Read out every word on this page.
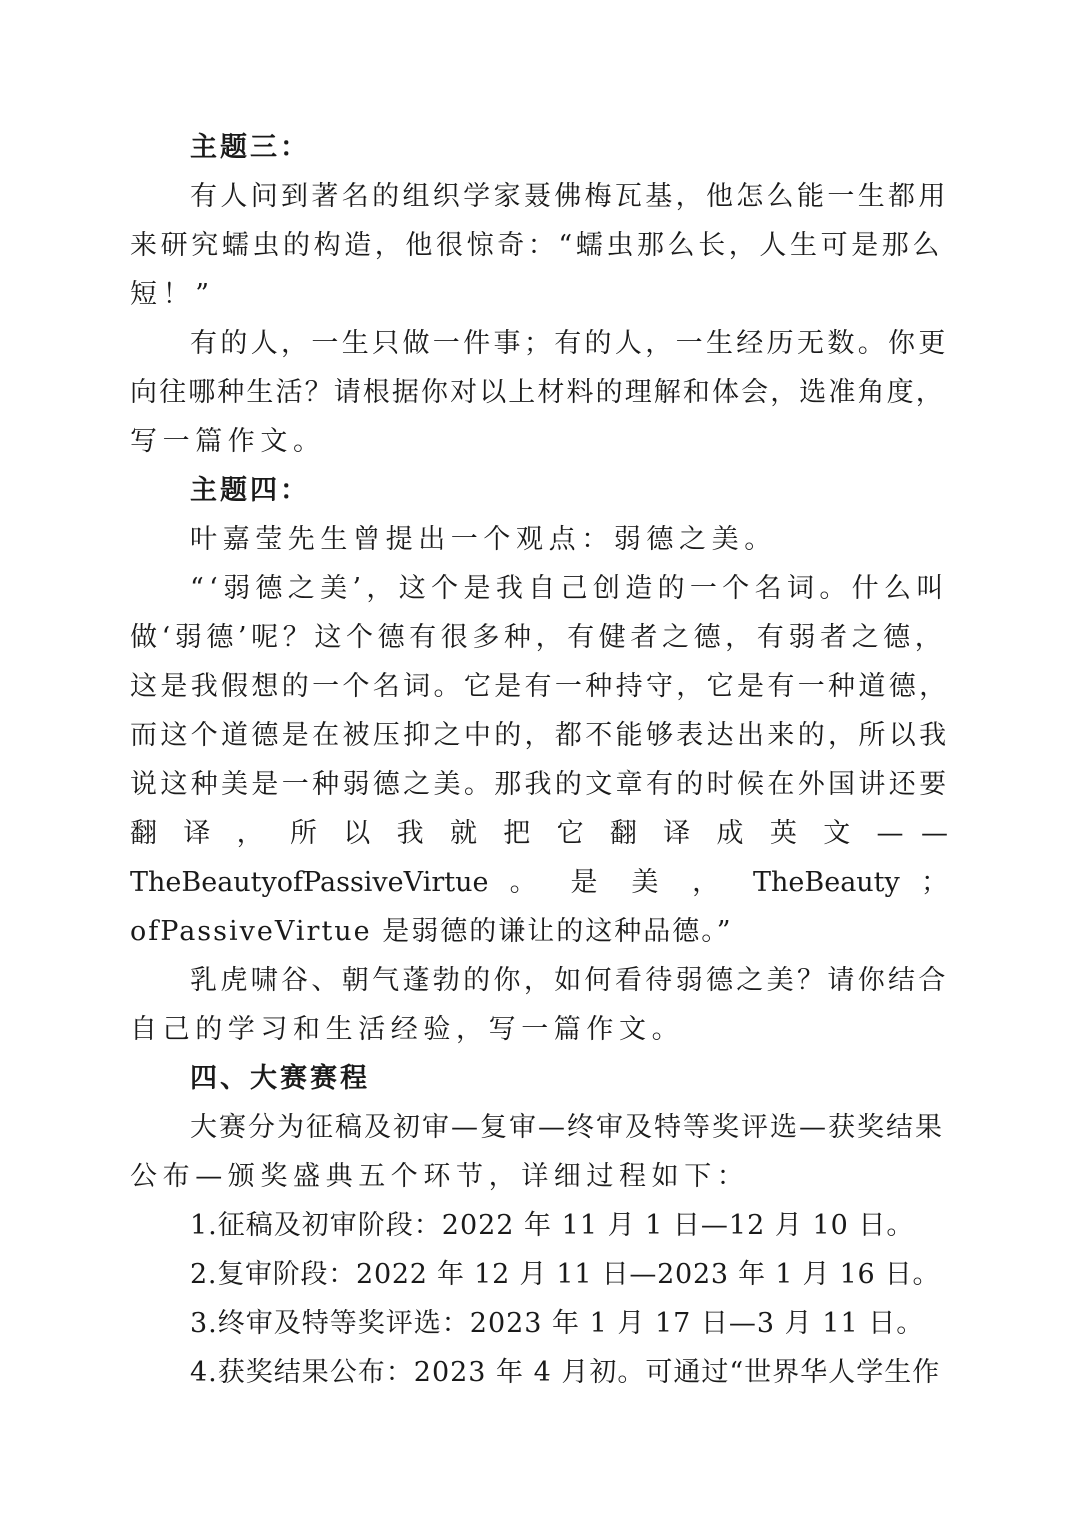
主题三：
有人问到著名的组织学家聂佛梅瓦基，他怎么能一生都用
来研究蠕虫的构造，他很惊奇：“蠕虫那么长，人生可是那么
短！”
有的人，一生只做一件事；有的人，一生经历无数。你更
向往哪种生活？请根据你对以上材料的理解和体会，选准角度，
写一篇作文。
主题四：
叶嘉莹先生曾提出一个观点：弱德之美。
“‘弱德之美’，这个是我自己创造的一个名词。什么叫
做‘弱德’呢？这个德有很多种，有健者之德，有弱者之德，
这是我假想的一个名词。它是有一种持守，它是有一种道德，
而这个道德是在被压抑之中的，都不能够表达出来的，所以我
说这种美是一种弱德之美。那我的文章有的时候在外国讲还要
翻 译 ， 所 以 我 就 把 它 翻 译 成 英 文 — —
TheBeautyofPassiveVirtue 。 是 美 ， TheBeauty ；
ofPassiveVirtue 是弱德的谦让的这种品德。”
乳虎啸谷、朝气蓬勃的你，如何看待弱德之美？请你结合
自己的学习和生活经验，写一篇作文。
四、大赛赛程
大赛分为征稿及初审—复审—终审及特等奖评选—获奖结果
公布—颁奖盛典五个环节，详细过程如下：
1.征稿及初审阶段：2022 年 11 月 1 日—12 月 10 日。
2.复审阶段：2022 年 12 月 11 日—2023 年 1 月 16 日。
3.终审及特等奖评选：2023 年 1 月 17 日—3 月 11 日。
4.获奖结果公布：2023 年 4 月初。可通过“世界华人学生作
